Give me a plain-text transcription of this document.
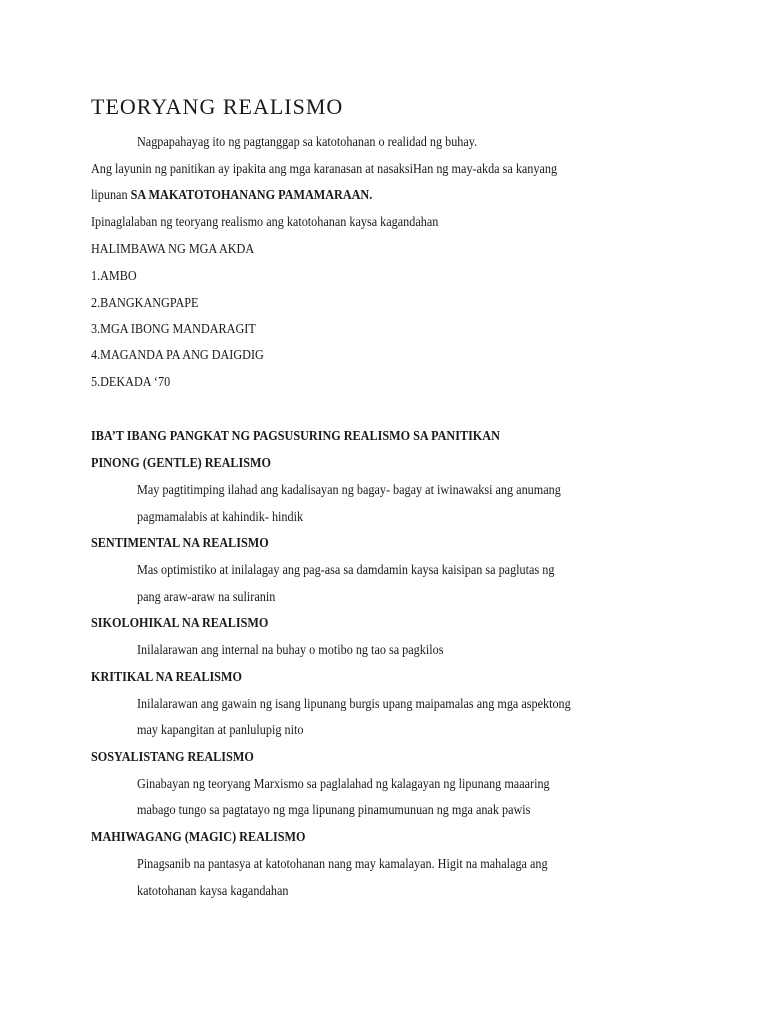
TEORYANG REALISMO
Nagpapahayag ito ng pagtanggap sa katotohanan o realidad ng buhay.
Ang layunin ng panitikan ay ipakita ang mga karanasan at nasaksiHan ng may-akda sa kanyang
lipunan SA MAKATOTOHANANG PAMAMARAAN.
Ipinaglalaban ng teoryang realismo ang katotohanan kaysa kagandahan
HALIMBAWA NG MGA AKDA
1.AMBO
2.BANGKANGPAPE
3.MGA IBONG MANDARAGIT
4.MAGANDA PA ANG DAIGDIG
5.DEKADA ‘70
IBA’T IBANG PANGKAT NG PAGSUSURING REALISMO SA PANITIKAN
PINONG (GENTLE) REALISMO
May pagtitimping ilahad ang kadalisayan ng bagay- bagay at iwinawaksi ang anumang
pagmamalabis at kahindik- hindik
SENTIMENTAL NA REALISMO
Mas optimistiko at inilalagay ang pag-asa sa damdamin kaysa kaisipan sa paglutas ng
pang araw-araw na suliranin
SIKOLOHIKAL NA REALISMO
Inilalarawan ang internal na buhay o motibo ng tao sa pagkilos
KRITIKAL NA REALISMO
Inilalarawan ang gawain ng isang lipunang burgis upang maipamalas ang mga aspektong
may kapangitan at panlulupig nito
SOSYALISTANG REALISMO
Ginabayan ng teoryang Marxismo sa paglalahad ng kalagayan ng lipunang maaaring
mabago tungo sa pagtatayo ng mga lipunang pinamumunuan ng mga anak pawis
MAHIWAGANG (MAGIC) REALISMO
Pinagsanib na pantasya at katotohanan nang may kamalayan. Higit na mahalaga ang
katotohanan kaysa kagandahan
